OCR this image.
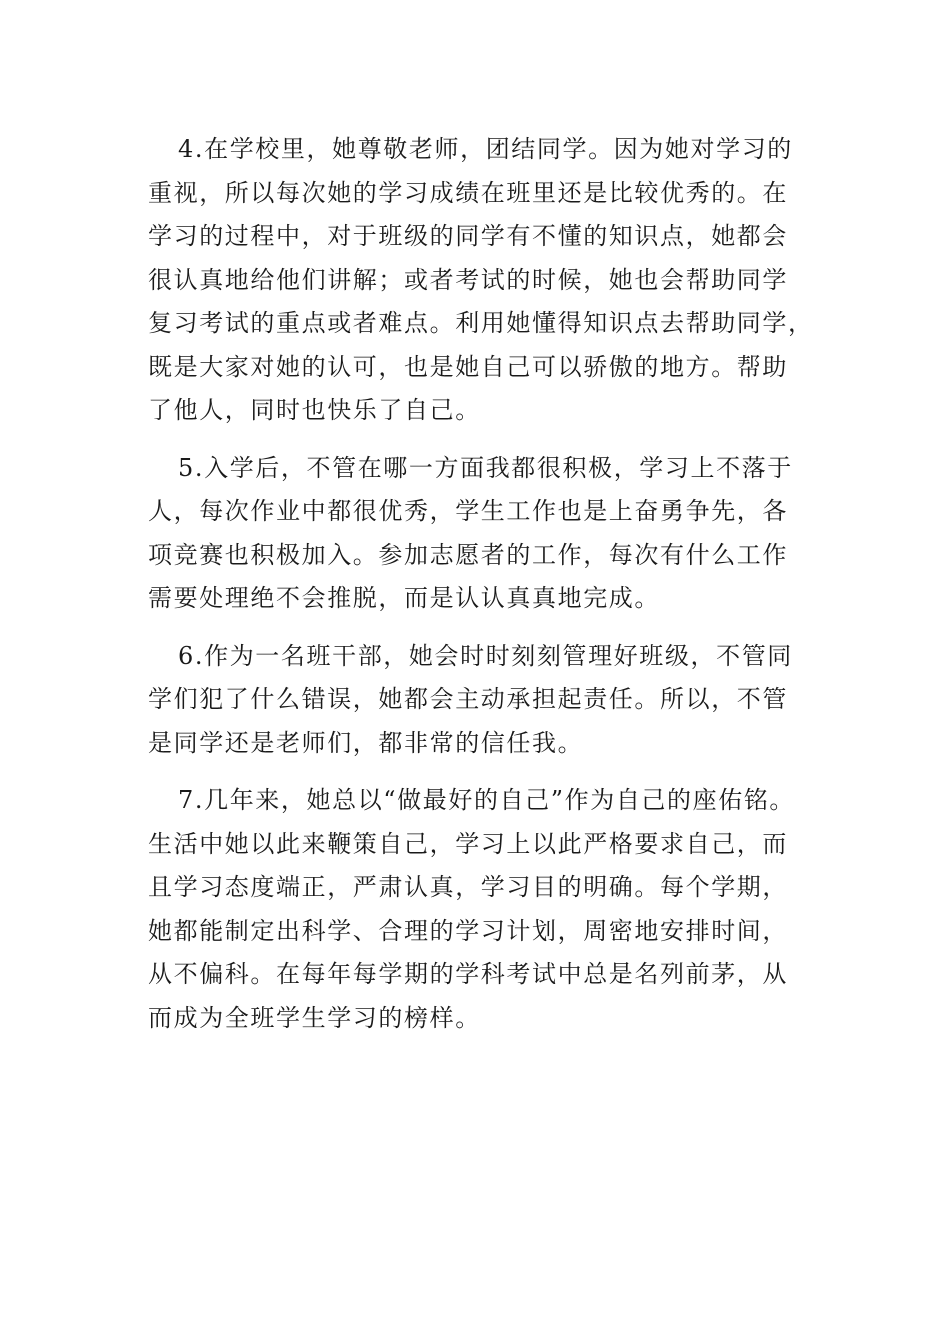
4.在学校里，她尊敬老师，团结同学。因为她对学习的
重视，所以每次她的学习成绩在班里还是比较优秀的。在
学习的过程中，对于班级的同学有不懂的知识点，她都会
很认真地给他们讲解；或者考试的时候，她也会帮助同学
复习考试的重点或者难点。利用她懂得知识点去帮助同学，
既是大家对她的认可，也是她自己可以骄傲的地方。帮助
了他人，同时也快乐了自己。
5.入学后，不管在哪一方面我都很积极，学习上不落于
人，每次作业中都很优秀，学生工作也是上奋勇争先，各
项竞赛也积极加入。参加志愿者的工作，每次有什么工作
需要处理绝不会推脱，而是认认真真地完成。
6.作为一名班干部，她会时时刻刻管理好班级，不管同
学们犯了什么错误，她都会主动承担起责任。所以，不管
是同学还是老师们，都非常的信任我。
7.几年来，她总以“做最好的自己”作为自己的座佑铭。
生活中她以此来鞭策自己，学习上以此严格要求自己，而
且学习态度端正，严肃认真，学习目的明确。每个学期，
她都能制定出科学、合理的学习计划，周密地安排时间，
从不偏科。在每年每学期的学科考试中总是名列前茅，从
而成为全班学生学习的榜样。
